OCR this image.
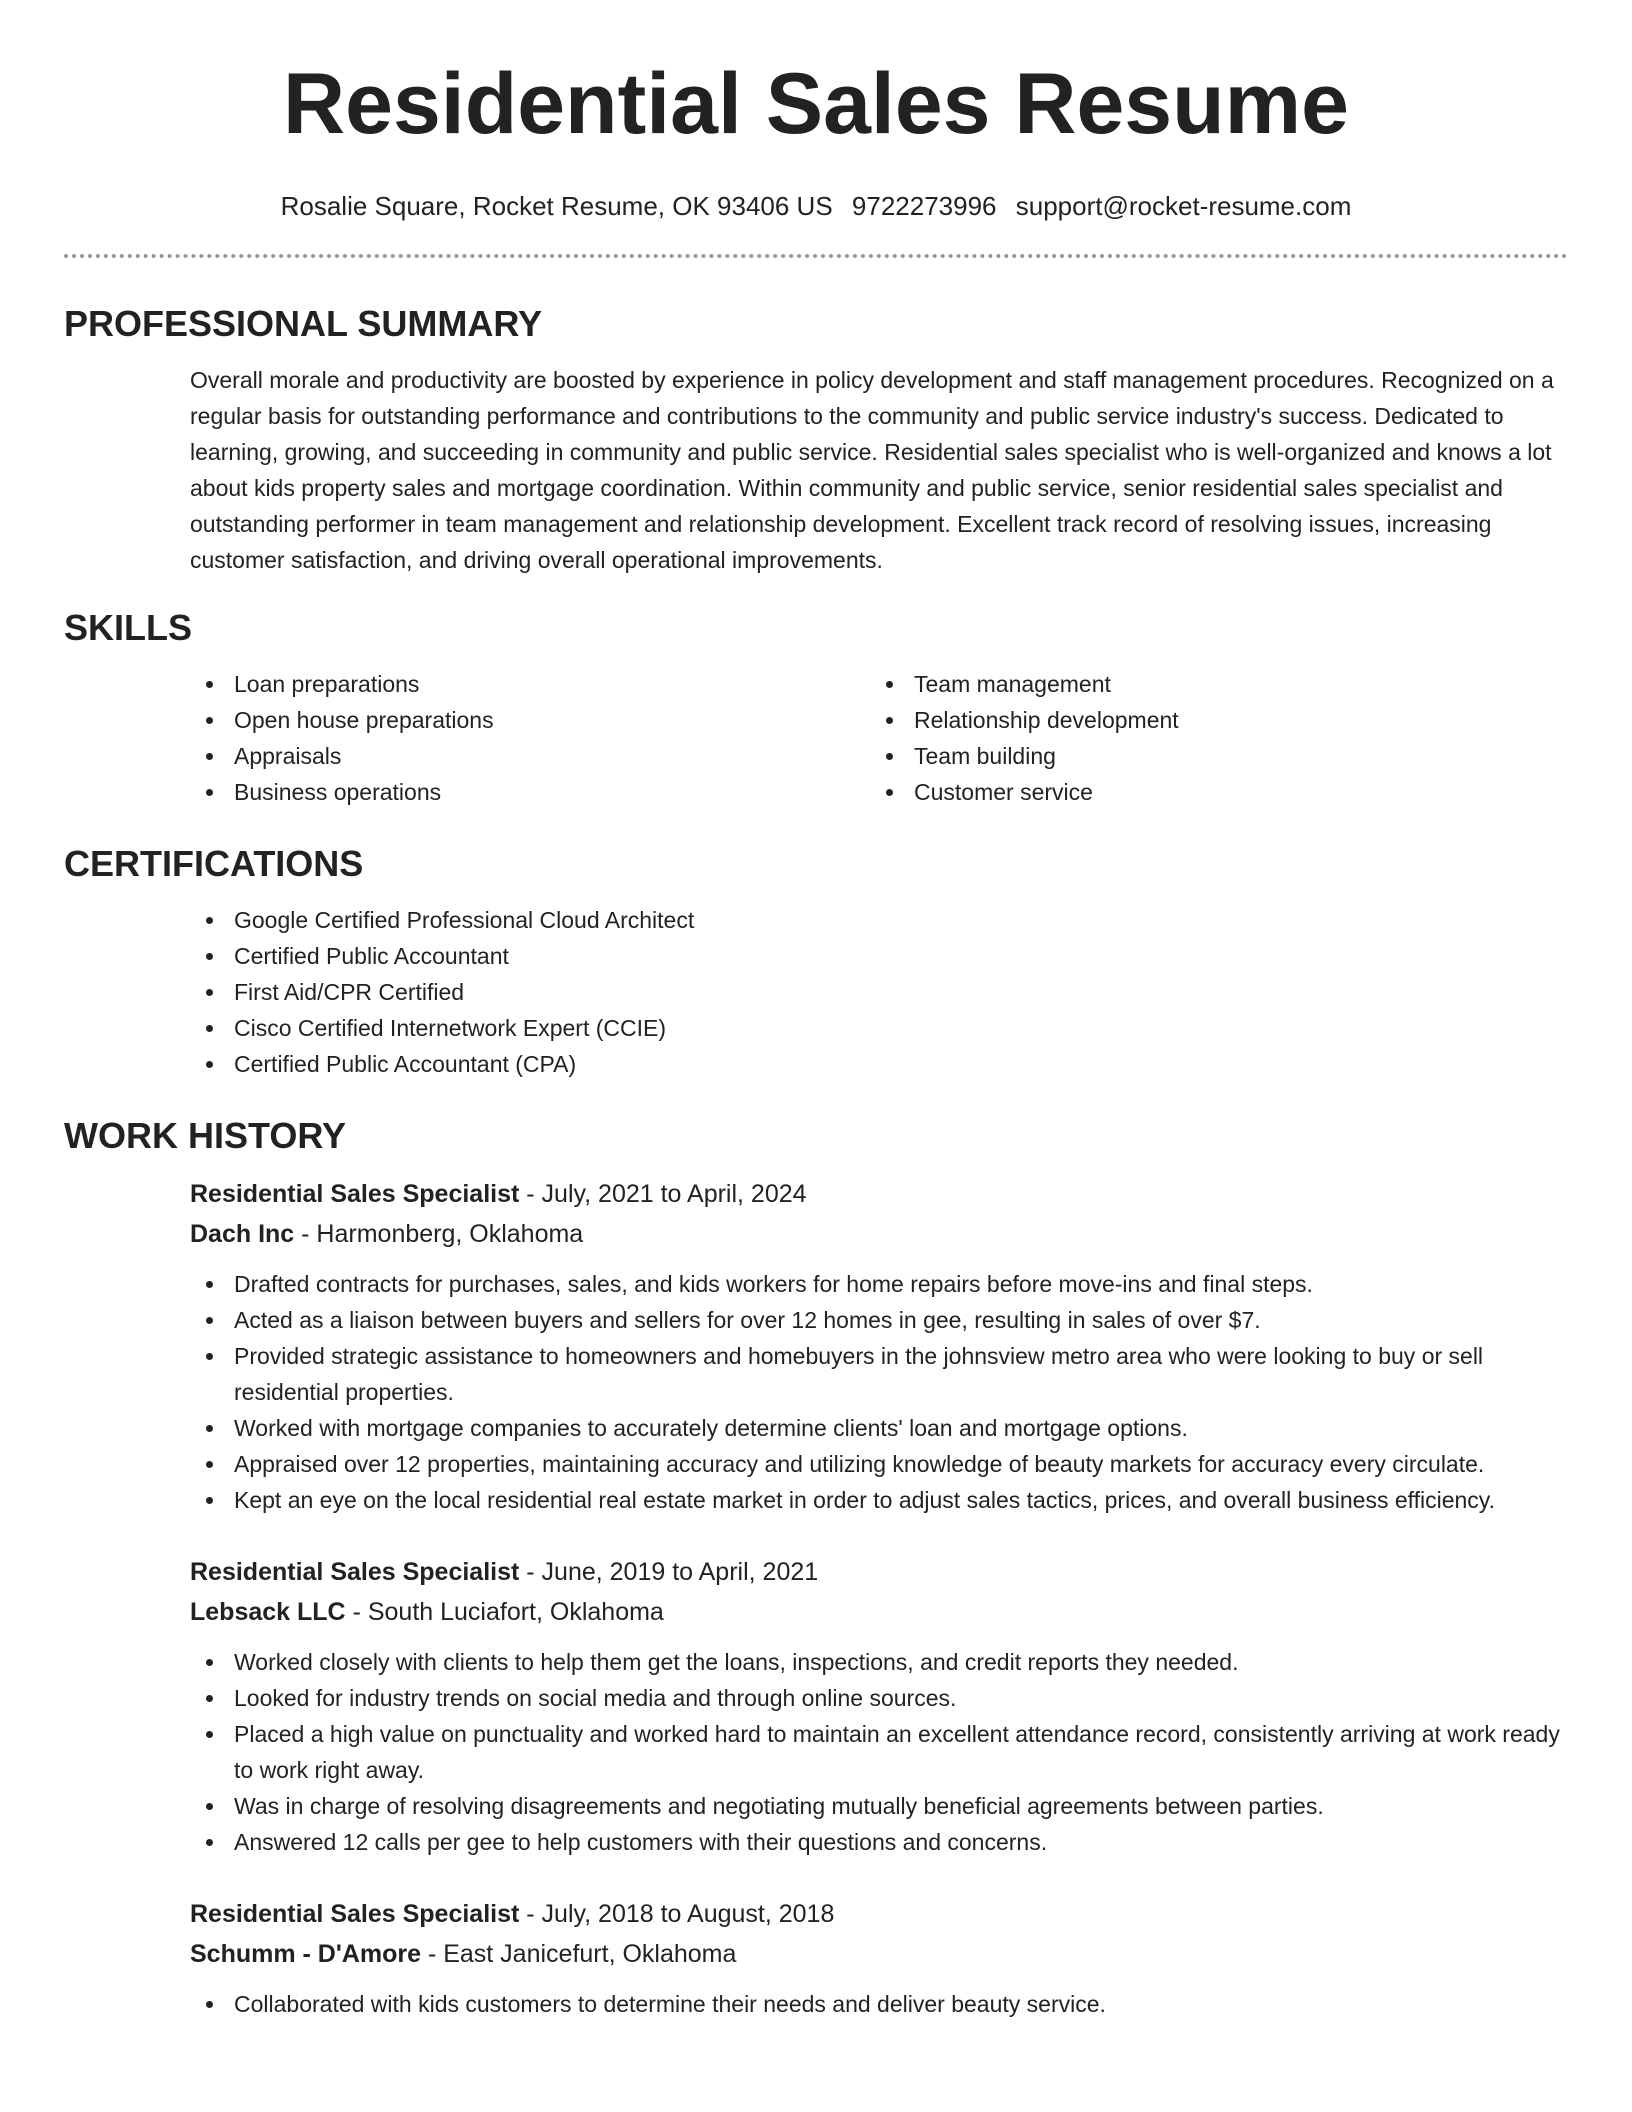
Residential Sales Resume
Rosalie Square, Rocket Resume, OK 93406 US 9722273996 support@rocket-resume.com
PROFESSIONAL SUMMARY
Overall morale and productivity are boosted by experience in policy development and staff management procedures. Recognized on a regular basis for outstanding performance and contributions to the community and public service industry's success. Dedicated to learning, growing, and succeeding in community and public service. Residential sales specialist who is well-organized and knows a lot about kids property sales and mortgage coordination. Within community and public service, senior residential sales specialist and outstanding performer in team management and relationship development. Excellent track record of resolving issues, increasing customer satisfaction, and driving overall operational improvements.
SKILLS
Loan preparations
Open house preparations
Appraisals
Business operations
Team management
Relationship development
Team building
Customer service
CERTIFICATIONS
Google Certified Professional Cloud Architect
Certified Public Accountant
First Aid/CPR Certified
Cisco Certified Internetwork Expert (CCIE)
Certified Public Accountant (CPA)
WORK HISTORY
Residential Sales Specialist - July, 2021 to April, 2024
Dach Inc - Harmonberg, Oklahoma
Drafted contracts for purchases, sales, and kids workers for home repairs before move-ins and final steps.
Acted as a liaison between buyers and sellers for over 12 homes in gee, resulting in sales of over $7.
Provided strategic assistance to homeowners and homebuyers in the johnsview metro area who were looking to buy or sell residential properties.
Worked with mortgage companies to accurately determine clients' loan and mortgage options.
Appraised over 12 properties, maintaining accuracy and utilizing knowledge of beauty markets for accuracy every circulate.
Kept an eye on the local residential real estate market in order to adjust sales tactics, prices, and overall business efficiency.
Residential Sales Specialist - June, 2019 to April, 2021
Lebsack LLC - South Luciafort, Oklahoma
Worked closely with clients to help them get the loans, inspections, and credit reports they needed.
Looked for industry trends on social media and through online sources.
Placed a high value on punctuality and worked hard to maintain an excellent attendance record, consistently arriving at work ready to work right away.
Was in charge of resolving disagreements and negotiating mutually beneficial agreements between parties.
Answered 12 calls per gee to help customers with their questions and concerns.
Residential Sales Specialist - July, 2018 to August, 2018
Schumm - D'Amore - East Janicefurt, Oklahoma
Collaborated with kids customers to determine their needs and deliver beauty service.
